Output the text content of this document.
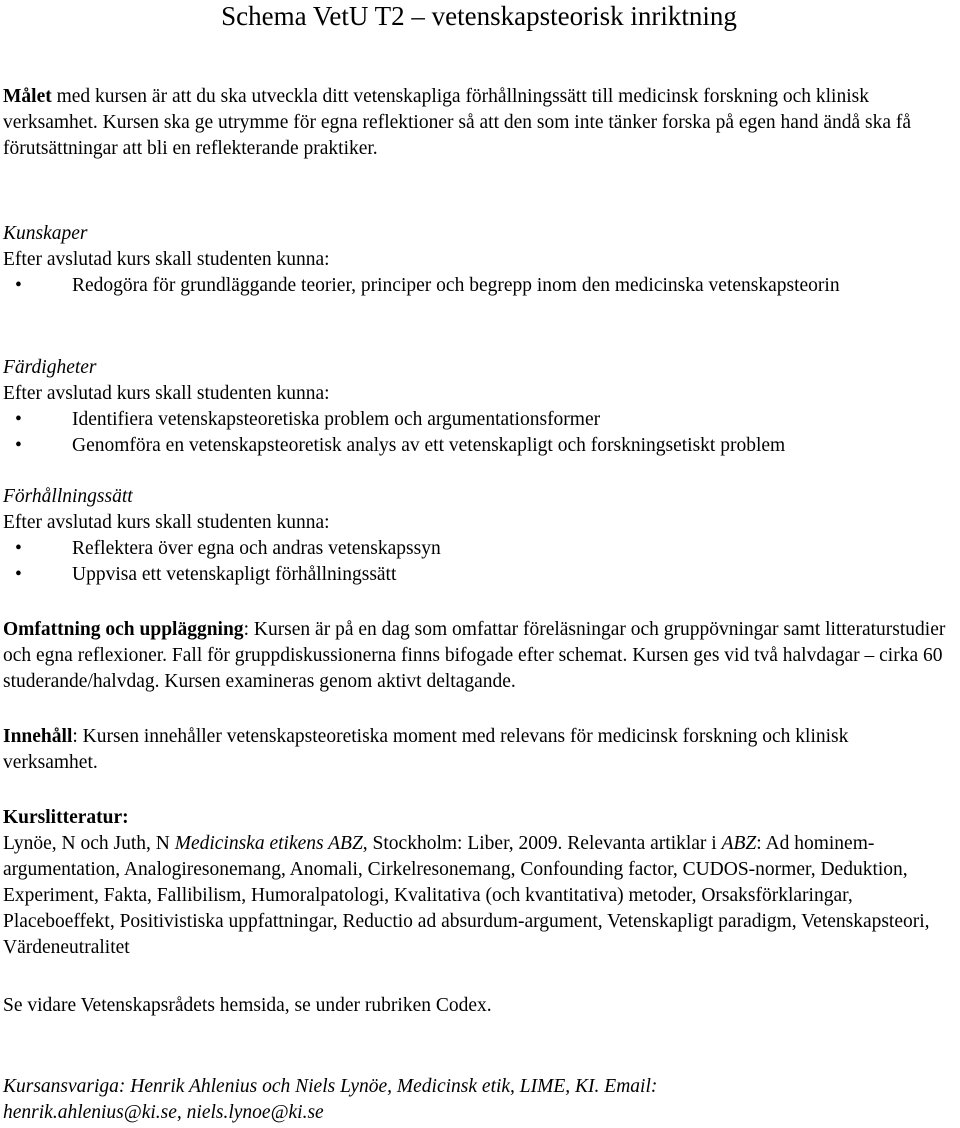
Schema VetU T2 – vetenskapsteorisk inriktning

Målet med kursen är att du ska utveckla ditt vetenskapliga förhållningssätt till medicinsk forskning och klinisk verksamhet. Kursen ska ge utrymme för egna reflektioner så att den som inte tänker forska på egen hand ändå ska få förutsättningar att bli en reflekterande praktiker.

Kunskaper

Efter avslutad kurs skall studenten kunna:

•	Redogöra för grundläggande teorier, principer och begrepp inom den medicinska vetenskapsteorin

Färdigheter

Efter avslutad kurs skall studenten kunna:

•	Identifiera vetenskapsteoretiska problem och argumentationsformer
•	Genomföra en vetenskapsteoretisk analys av ett vetenskapligt och forskningsetiskt problem

Förhållningssätt

Efter avslutad kurs skall studenten kunna:

•	Reflektera över egna och andras vetenskapssyn
•	Uppvisa ett vetenskapligt förhållningssätt

Omfattning och uppläggning: Kursen är på en dag som omfattar föreläsningar och gruppövningar samt litteraturstudier och egna reflexioner. Fall för gruppdiskussionerna finns bifogade efter schemat. Kursen ges vid två halvdagar – cirka 60 studerande/halvdag. Kursen examineras genom aktivt deltagande.

Innehåll: Kursen innehåller vetenskapsteoretiska moment med relevans för medicinsk forskning och klinisk verksamhet.

Kurslitteratur:

Lynöe, N och Juth, N Medicinska etikens ABZ, Stockholm: Liber, 2009. Relevanta artiklar i ABZ: Ad hominem-argumentation, Analogiresonemang, Anomali, Cirkelresonemang, Confounding factor, CUDOS-normer, Deduktion, Experiment, Fakta, Fallibilism, Humoralpatologi, Kvalitativa (och kvantitativa) metoder, Orsaksförklaringar, Placeboeffekt, Positivistiska uppfattningar, Reductio ad absurdum-argument, Vetenskapligt paradigm, Vetenskapsteori, Värdeneutralitet

Se vidare Vetenskapsrådets hemsida, se under rubriken Codex.

Kursansvariga: Henrik Ahlenius och Niels Lynöe, Medicinsk etik, LIME, KI. Email: henrik.ahlenius@ki.se, niels.lynoe@ki.se
